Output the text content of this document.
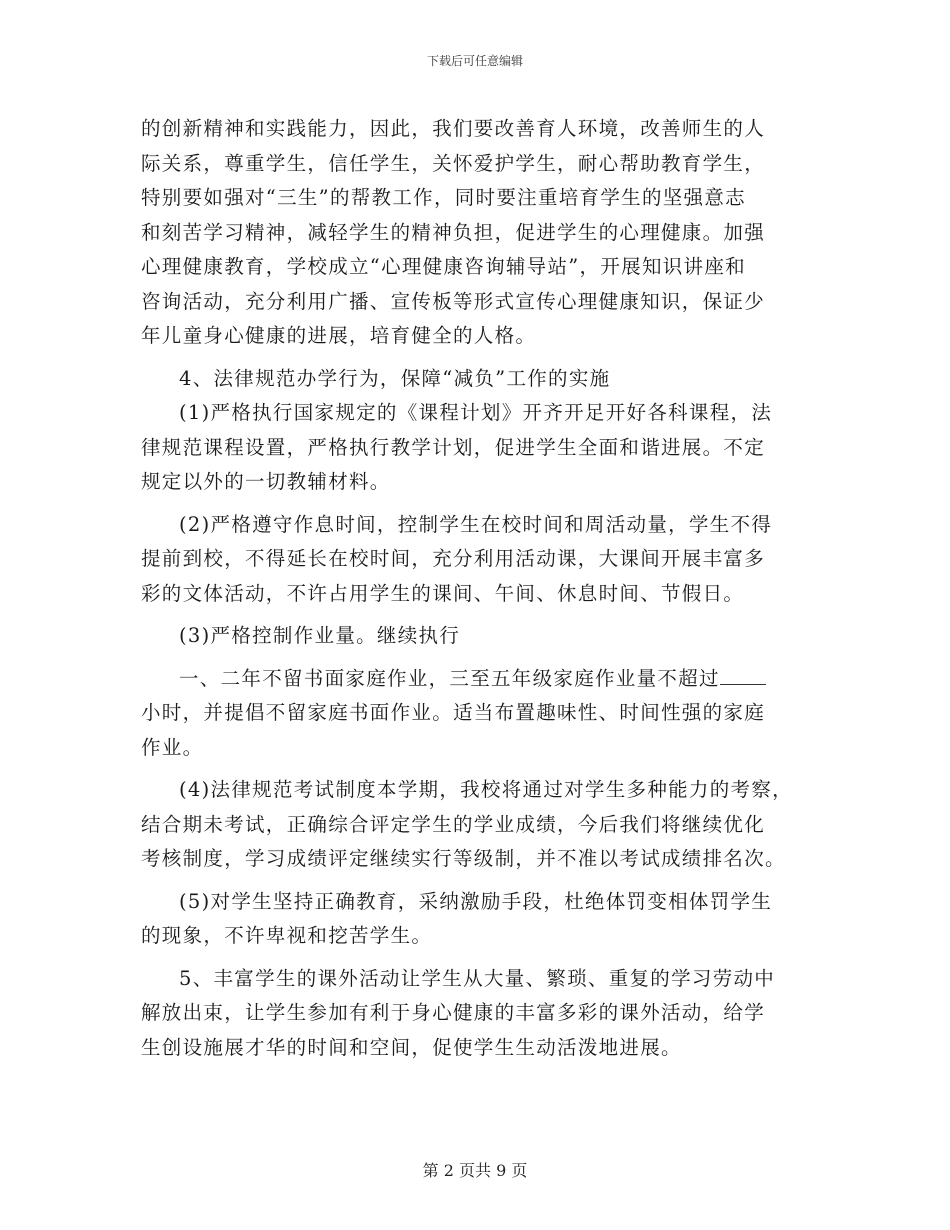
下载后可任意编辑
的创新精神和实践能力，因此，我们要改善育人环境，改善师生的人
际关系，尊重学生，信任学生，关怀爱护学生，耐心帮助教育学生，
特别要如强对“三生”的帮教工作，同时要注重培育学生的坚强意志
和刻苦学习精神，减轻学生的精神负担，促进学生的心理健康。加强
心理健康教育，学校成立“心理健康咨询辅导站”，开展知识讲座和
咨询活动，充分利用广播、宣传板等形式宣传心理健康知识，保证少
年儿童身心健康的进展，培育健全的人格。
4、法律规范办学行为，保障“减负”工作的实施
(1)严格执行国家规定的《课程计划》开齐开足开好各科课程，法
律规范课程设置，严格执行教学计划，促进学生全面和谐进展。不定
规定以外的一切教辅材料。
(2)严格遵守作息时间，控制学生在校时间和周活动量，学生不得
提前到校，不得延长在校时间，充分利用活动课，大课间开展丰富多
彩的文体活动，不许占用学生的课间、午间、休息时间、节假日。
(3)严格控制作业量。继续执行
一、二年不留书面家庭作业，三至五年级家庭作业量不超过
小时，并提倡不留家庭书面作业。适当布置趣味性、时间性强的家庭
作业。
(4)法律规范考试制度本学期，我校将通过对学生多种能力的考察，
结合期未考试，正确综合评定学生的学业成绩，今后我们将继续优化
考核制度，学习成绩评定继续实行等级制，并不准以考试成绩排名次。
(5)对学生坚持正确教育，采纳激励手段，杜绝体罚变相体罚学生
的现象，不许卑视和挖苦学生。
5、丰富学生的课外活动让学生从大量、繁琐、重复的学习劳动中
解放出束，让学生参加有利于身心健康的丰富多彩的课外活动，给学
生创设施展才华的时间和空间，促使学生生动活泼地进展。
第 2 页共 9 页
